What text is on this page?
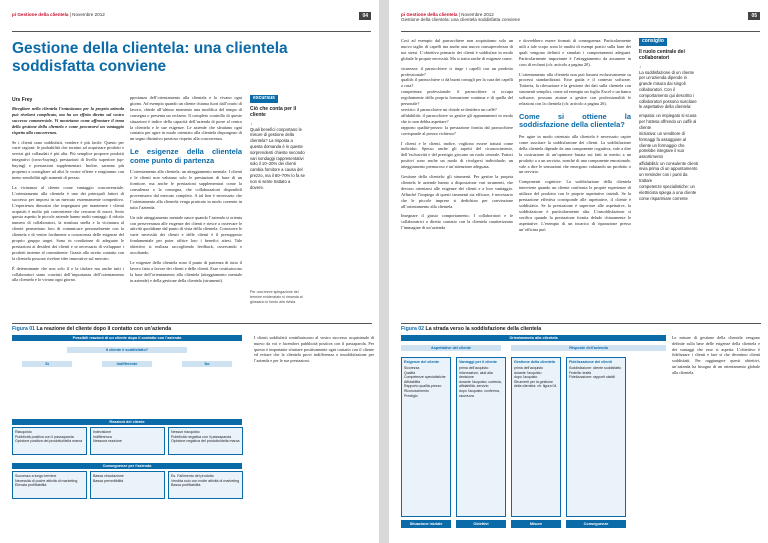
pi Gestione della clientela | Novembre 2012	04
Gestione della clientela: una clientela soddisfatta conviene
Urs Frey

Rivegliare nella clientela l’entusiasmo per la propria azienda può rivelarsi complicato, ma ha un effetto diretto sul vostro successo commerciale. Vi mostriamo come affrontare il tema della gestione della clientela e come procurarvi un vantaggio rispetto alla concorrenza.

Se i clienti sono soddisfatti, vendere è più facile. Questo per varie ragioni: le probabilità che tornino ad acquistare prodotti e servizi già collaudati è più alta. Più semplice proporre prodotti integrativi (cross-buying), prestazioni di livello superiore (up-buying) e prestazioni supplementari. Inoltre, saranno più propensi a consigliare ad altri le vostre offerte e reagiranno con meno sensibilità agli aumenti di prezzo.

La vicinanza al cliente come vantaggio concorrenziale. L’orientamento alla clientela è uno dei principali fattori di successo per imporsi in un mercato estremamente competitivo. L’esperienza dimostra che impegnarsi per mantenere i clienti acquisiti è molto più conveniente che cercarne di nuovi. Sotto questo aspetto le piccole aziende hanno molti vantaggi: il ridotto numero di collaboratori, la struttura snella e la vicinanza al cliente permettono loro di comunicare personalmente con la clientela e di venire facilmente a conoscenza delle esigenze del proprio gruppo target. Sono in condizione di adeguare le prestazioni ai desideri dei clienti e se necessario di sviluppare i prodotti insieme al committente. Grazie allo stretto contatto con la clientela possono rivelare idee innovative sul mercato.

È determinante che non solo il o la titolare ma anche tutti i collaboratori siano convinti dell’importanza dell’orientamento alla clientela e lo vivano ogni giorno.

pportanza dell’orientamento alla clientela e lo vivano ogni giorno. Ad esempio quando un cliente chiama fuori dall’orario di lavoro, chiede all’ultimo momento una modifica del tempo di consegna o presenta un reclamo. Il completo controllo di queste situazioni è indice della capacità dell’azienda di porre al centro la clientela e le sue esigenze. Le aziende che sfruttano ogni contatto per agire in modo orientato alla clientela dispongono di un segno distintivo prezioso rispetto alla concorrenza.

Le esigenze della clientela come punto di partenza

L’orientamento alla clientela: un atteggiamento mentale. I clienti e le clienti non valutano solo le prestazioni di base di un fornitore, ma anche le prestazioni supplementari come la consulenza o la consegna, che collaborazioni disponibili provenissero dal mercato completo. A tal fine è necessario che l’orientamento alla clientela venga praticato in modo coerente in tutta l’azienda.

Un tale atteggiamento mentale nasce quando l’azienda si orienta con perseveranza alle esigenze dei clienti e riesce a osservare le attività quotidiane dal punto di vista della clientela. Conoscere le varie necessità dei clienti e delle clienti è il presupposto fondamentale per poter offrire loro i benefici attesi. Tale obiettivo si realizza raccogliendo feedback, osservando e ascoltando.

Le esigenze della clientela sono il punto di partenza di tutto il lavoro fatto a favore dei clienti e delle clienti. Esse costituiscono la base dell’orientamento alla clientela (atteggiamento mentale in aziende) e della gestione della clientela (strumenti).

excursus
Ciò che conta per il cliente
↓
Quali benefici conportano le misure di gestione della clientela? La risposta a questa domanda è in queste sorprendenti chieste secondo vari sondaggi rappresentativi solo il 10–20% dei clienti cambia fornitore a causa del prezzo, ma il 60–70% lo fa se non si sente trattato a dovere.
Per una breve spiegazione del termine evidenziato si rimanda al glossario in fondo alla rivista.
Figura 01 La reazione del cliente dopo il contatto con un’azienda
Possibili reazioni di un cliente dopo il contatto con l’azienda
Il cliente è soddisfatto?
Sì	Indifferente	No
Reazioni del cliente
Riacquisto
Pubblicità positiva con il passaparola
Opinione positiva del prodotto/della marca
Indecisione
Indifferenza
Nessuna reazione
Nessun riacquisto
Pubblicità negativa con il passaparola
Opinione negativa del prodotto/della marca
Conseguenze per l’azienda
Successo a lungo termine
Necessità di poche attività di marketing
Elevata profittabilità
Bassa vincolazione
Bassa prevedibilità
Es. Fallimento del prodotto
Vendita solo con molte attività di marketing
Bassa profittabilità
I clienti soddisfatti contribuiscono al vostro successo acquistando di nuovo da voi e facendovi pubblicità positiva con il passaparola. Per questo è importante sfruttare positivamente ogni contatto con il cliente ed evitare che la clientela provi indifferenza o insoddisfazione per l’azienda e per le sue prestazioni.
pi Gestione della clientela | Novembre 2012
Gestione della clientela: una clientela soddisfatta conviene
05

Così ad esempio dal parrucchiere non acquistiamo solo un nuovo taglio di capelli ma anche una nuova consapevolezza di noi stessi. L’obiettivo primario dei clienti è soddisfare in modo globale le proprie necessità. Ma si tratta anche di esigenze come:

sicurezza: il parrucchiere ci tinge i capelli con un prodotto professionale?
qualità: il parrucchiere ci dà buoni consigli per la cura dei capelli a casa?
competenza professionale: il parrucchiere si occupa regolarmente della propria formazione continua e di quella del personale?
servizio: il parrucchiere mi chiede se desidero un caffè?
affidabilità: il parrucchiere sa gestire gli appuntamenti in modo che io non debba aspettare?
rapporto qualità-prezzo: la prestazione fornita dal parrucchiere corrisponde al prezzo richiesto?

I clienti e le clienti, inoltre, vogliono essere trattati come individui. Spesso anche gli aspetti del riconoscimento, dell’esclusività e del prestigio giocano un ruolo centrale. Fattori positivi sono anche un modo di rivolgersi individuale, un atteggiamento premuroso e un’attenzione adeguata.

Gestione della clientela: gli strumenti. Per gestire la propria clientela le aziende hanno a disposizione vari strumenti, che devono orientarsi alle esigenze dei clienti e a loro vantaggio. Affinché l’impiego di questi strumenti sia efficace, è necessario che le piccole imprese si dedichino per convinzione all’orientamento alla clientela.

Insegnare il giusto comportamento. I collaboratori e le collaboratrici a diretto contatto con la clientela caratterizzano l’immagine di un’azienda

e dovrebbero essere formati di conseguenza. Particolarmente utili a tale scopo sono le analisi di esempi pratici sulla base dei quali vengono definiti e simulati i comportamenti adeguati. Particolarmente importante è l’atteggiamento da assumere in caso di reclami (cfr. articolo a pagina 20).

L’orientamento alla clientela non può basarsi esclusivamente su processi standardizzati. Esse guida e il contesto software. Tuttavia, la rilevazione e la gestione dei dati sulla clientela con strumenti semplici, come ad esempio un foglio Excel o un banca software, possono aiutare a gestire con professionalità le relazioni con la clientela (cfr. articolo a pagina 26).

Come si ottiene la soddisfazione della clientela?

Per agire in modo orientato alla clientela è necessario capire come suscitare la soddisfazione dei clienti. La soddisfazione della clientela dipende da una componente cognitiva, vale a dire la costruzione di un’opinione basata sui fatti in merito a un prodotto o a un servizio, nonché di una componente emozionale, vale a dire le sensazioni che emergono valutando un prodotto o un servizio.

Componenti cognitive. La soddisfazione della clientela interviene quando un cliente confronta le proprie esperienze di utilizzo del prodotto con le proprie aspettative iniziali. Se la prestazione effettiva corrisponde alle aspettative, il cliente è soddisfatto. Se la prestazione è superiore alle aspettative, la soddisfazione è particolarmente alta. L’insoddisfazione si verifica quando la prestazione fornita delude chiaramente le aspettative. L’esempio di un incarico di riparazione presso un’officina può

consiglio
Il ruolo centrale dei collaboratori
↓
La soddisfazione di un cliente per un’azienda dipende in grande misura dai singoli collaboratori. Con il comportamento qui descritto i collaboratori possono suscitare le aspettative della clientela:
empatia: un impiegato si scusa per l’attesa offrendo un caffè al cliente
iniziativa: un venditore di formaggi fa assaggiare al cliente un formaggio che potrebbe integrare il suo assortimento
affidabilità: un consulente clienti invia prima di un appuntamento un reminder con i punti da trattare
competenze specialistiche: un elettricista spiega a una cliente come risparmiare corrente
Figura 02 La strada verso la soddisfazione della clientela
Orientamento alla clientela
Aspettative del cliente	Risposte dell’azienda
Esigenze del cliente
Sicurezza
Qualità
Competenze specialistiche
Affidabilità
Rapporto qualità-prezzo
Riconoscimento
Prestigio
Vantaggi per il cliente
prima dell’acquisto: informazioni, aiuti alla decisione
durante l’acquisto: cortesia, affidabilità, servizio
dopo l’acquisto: conferma, sicurezza
Gestione della clientela
prima dell’acquisto
durante l’acquisto
dopo l’acquisto
Strumenti per la gestione della clientela: cfr. figura 04
Fidelizzazione dei clienti
Soddisfazione: cliente soddisfatto
Fedeltà: lealtà
Fidelizzazione: rapporti stabili
Situazione iniziale	Obiettivi	Misure	Conseguenze
Le misure di gestione della clientela vengono definite sulla base delle esigenze della clientela e dei vantaggi che esse si aspetta. L’obiettivo è fidelizzare i clienti e fare sì che diventino clienti soddisfatti. Per raggiungere questi obiettivi, un’azienda ha bisogno di un orientamento globale alla clientela.
